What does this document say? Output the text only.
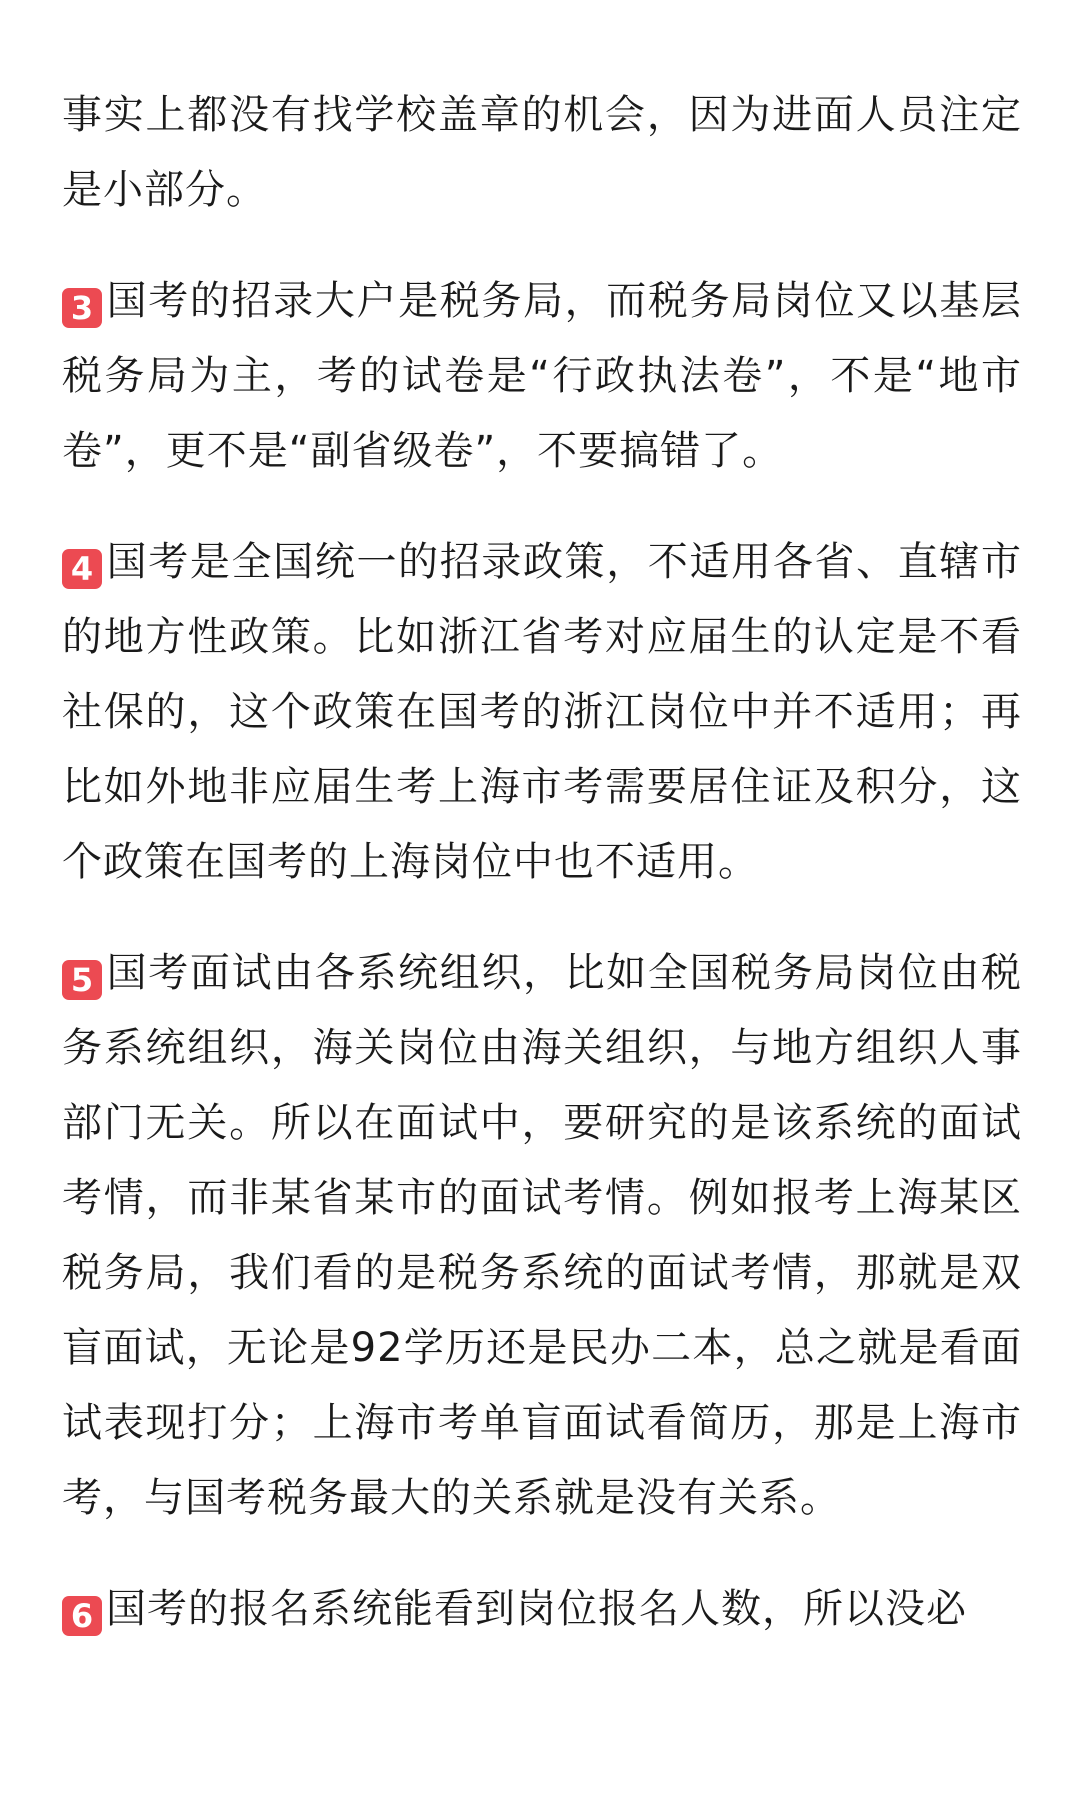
事实上都没有找学校盖章的机会，因为进面人员注定是小部分。

3 国考的招录大户是税务局，而税务局岗位又以基层税务局为主，考的试卷是“行政执法卷”，不是“地市卷”，更不是“副省级卷”，不要搞错了。

4 国考是全国统一的招录政策，不适用各省、直辖市的地方性政策。比如浙江省考对应届生的认定是不看社保的，这个政策在国考的浙江岗位中并不适用；再比如外地非应届生考上海市考需要居住证及积分，这个政策在国考的上海岗位中也不适用。

5 国考面试由各系统组织，比如全国税务局岗位由税务系统组织，海关岗位由海关组织，与地方组织人事部门无关。所以在面试中，要研究的是该系统的面试考情，而非某省某市的面试考情。例如报考上海某区税务局，我们看的是税务系统的面试考情，那就是双盲面试，无论是92学历还是民办二本，总之就是看面试表现打分；上海市考单盲面试看简历，那是上海市考，与国考税务最大的关系就是没有关系。

6 国考的报名系统能看到岗位报名人数，所以没必
